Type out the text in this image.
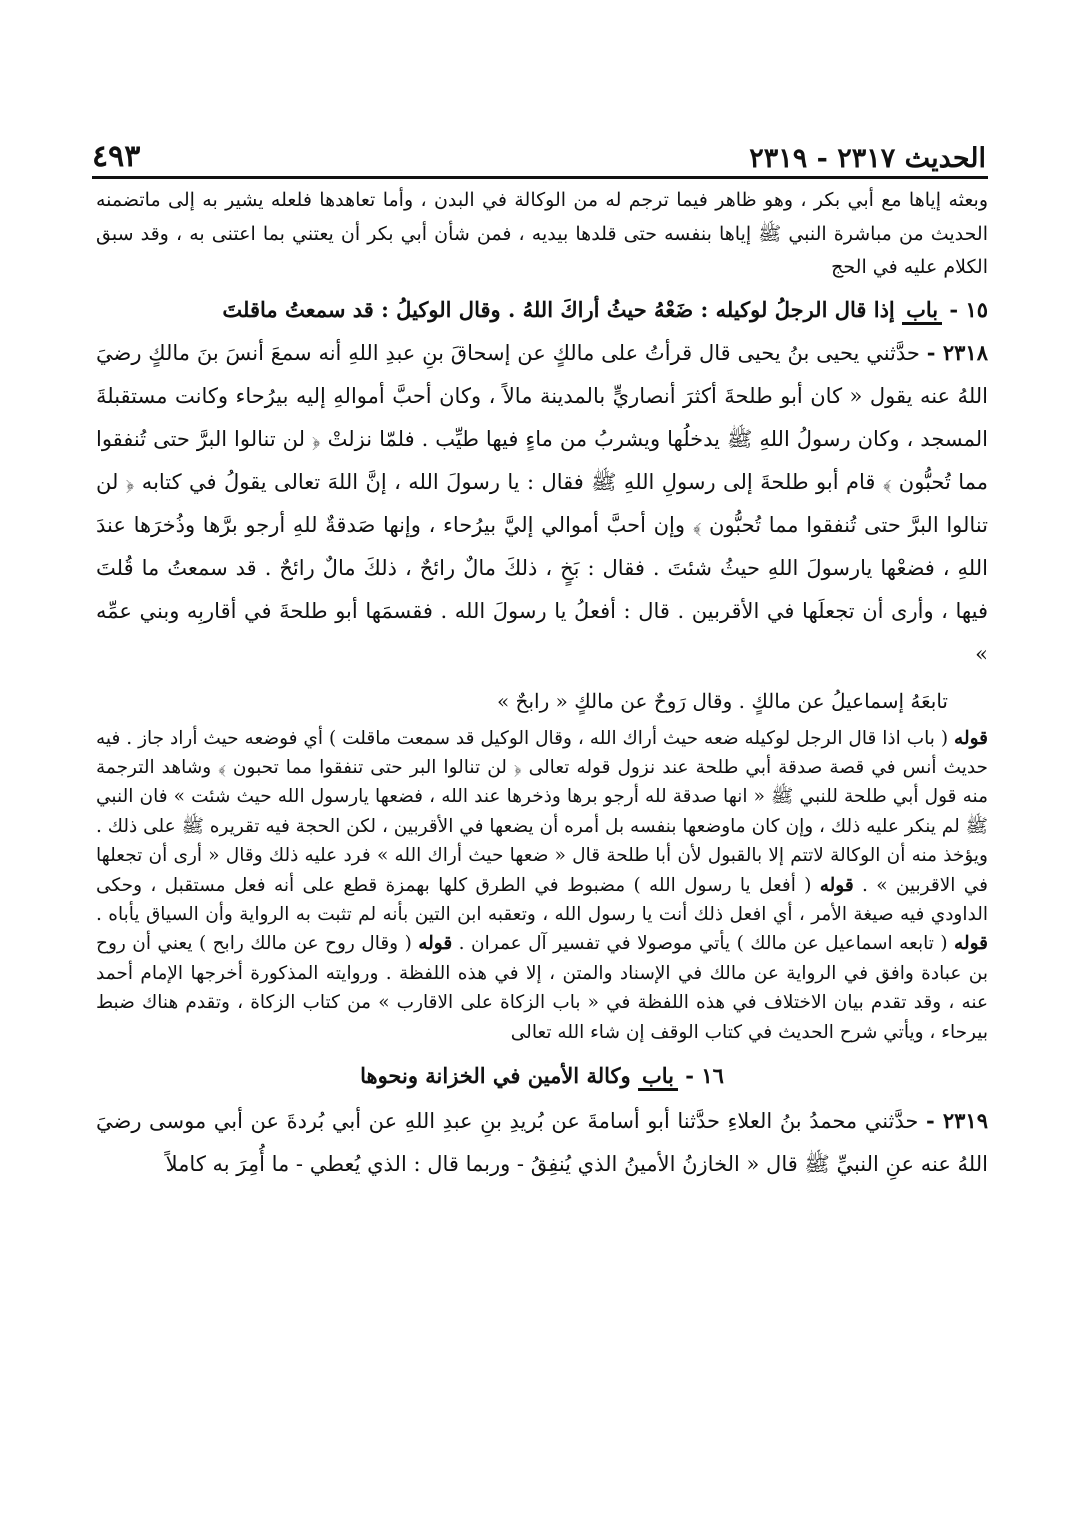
الحديث ٢٣١٧ - ٢٣١٩
٤٩٣

وبعثه إياها مع أبي بكر ، وهو ظاهر فيما ترجم له من الوكالة في البدن ، وأما تعاهدها فلعله يشير به إلى ماتضمنه الحديث من مباشرة النبي ﷺ إياها بنفسه حتى قلدها بيديه ، فمن شأن أبي بكر أن يعتني بما اعتنى به ، وقد سبق الكلام عليه في الحج

١٥ - باب إذا قال الرجلُ لوكيله : ضَعْهُ حيثُ أراكَ اللهُ . وقال الوكيلُ : قد سمعتُ ماقلتَ

٢٣١٨ - حدَّثني يحيى بنُ يحيى قال قرأتُ على مالكٍ عن إسحاقَ بنِ عبدِ اللهِ أنه سمعَ أنسَ بنَ مالكٍ رضيَ اللهُ عنه يقول « كان أبو طلحةَ أكثرَ أنصاريٍّ بالمدينة مالاً ، وكان أحبَّ أموالهِ إليه بيرُحاء وكانت مستقبلةَ المسجد ، وكان رسولُ اللهِ ﷺ يدخلُها ويشربُ من ماءٍ فيها طيِّب . فلمّا نزلتْ ﴿ لن تنالوا البرَّ حتى تُنفقوا مما تُحبُّون ﴾ قام أبو طلحةَ إلى رسولِ اللهِ ﷺ فقال : يا رسولَ الله ، إنَّ اللهَ تعالى يقولُ في كتابه ﴿ لن تنالوا البرَّ حتى تُنفقوا مما تُحبُّون ﴾ وإن أحبَّ أموالي إليَّ بيرُحاء ، وإنها صَدقةٌ للهِ أرجو برَّها وذُخرَها عندَ اللهِ ، فضعْها يارسولَ اللهِ حيثُ شئتَ . فقال : بَخٍ ، ذلكَ مالٌ رائحٌ ، ذلكَ مالٌ رائحٌ . قد سمعتُ ما قُلتَ فيها ، وأرى أن تجعلَها في الأقربين . قال : أفعلُ يا رسولَ الله . فقسمَها أبو طلحةَ في أقاربِه وبني عمِّه »

تابعَهُ إسماعيلُ عن مالكٍ . وقال رَوحٌ عن مالكٍ « رابحٌ »

قوله ( باب اذا قال الرجل لوكيله ضعه حيث أراك الله ، وقال الوكيل قد سمعت ماقلت ) أي فوضعه حيث أراد جاز . فيه حديث أنس في قصة صدقة أبي طلحة عند نزول قوله تعالى ﴿ لن تنالوا البر حتى تنفقوا مما تحبون ﴾ وشاهد الترجمة منه قول أبي طلحة للنبي ﷺ « انها صدقة لله أرجو برها وذخرها عند الله ، فضعها يارسول الله حيث شئت » فان النبي ﷺ لم ينكر عليه ذلك ، وإن كان ماوضعها بنفسه بل أمره أن يضعها في الأقربين ، لكن الحجة فيه تقريره ﷺ على ذلك . ويؤخذ منه أن الوكالة لاتتم إلا بالقبول لأن أبا طلحة قال « ضعها حيث أراك الله » فرد عليه ذلك وقال « أرى أن تجعلها في الاقربين » . قوله ( أفعل يا رسول الله ) مضبوط في الطرق كلها بهمزة قطع على أنه فعل مستقبل ، وحكى الداودي فيه صيغة الأمر ، أي افعل ذلك أنت يا رسول الله ، وتعقبه ابن التين بأنه لم تثبت به الرواية وأن السياق يأباه . قوله ( تابعه اسماعيل عن مالك ) يأتي موصولا في تفسير آل عمران . قوله ( وقال روح عن مالك رابح ) يعني أن روح بن عبادة وافق في الرواية عن مالك في الإسناد والمتن ، إلا في هذه اللفظة . وروايته المذكورة أخرجها الإمام أحمد عنه ، وقد تقدم بيان الاختلاف في هذه اللفظة في « باب الزكاة على الاقارب » من كتاب الزكاة ، وتقدم هناك ضبط بيرحاء ، ويأتي شرح الحديث في كتاب الوقف إن شاء الله تعالى

١٦ - باب وكالة الأمين في الخزانة ونحوها

٢٣١٩ - حدَّثني محمدُ بنُ العلاءِ حدَّثنا أبو أسامةَ عن بُريدِ بنِ عبدِ اللهِ عن أبي بُردةَ عن أبي موسى رضيَ اللهُ عنه عنِ النبيِّ ﷺ قال « الخازنُ الأمينُ الذي يُنفِقُ - وربما قال : الذي يُعطي - ما أُمِرَ به كاملاً
